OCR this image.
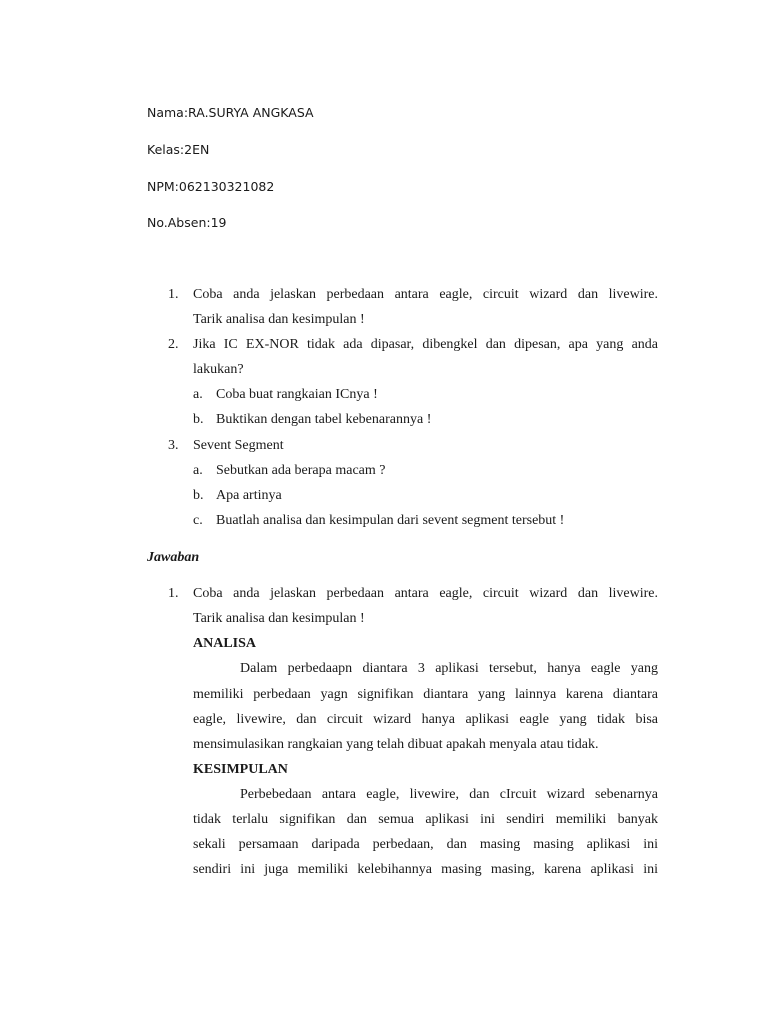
Nama:RA.SURYA ANGKASA
Kelas:2EN
NPM:062130321082
No.Absen:19
1. Coba anda jelaskan perbedaan antara eagle, circuit wizard dan livewire.
Tarik analisa dan kesimpulan !
2. Jika IC EX-NOR tidak ada dipasar, dibengkel dan dipesan, apa yang anda
lakukan?
a. Coba buat rangkaian ICnya !
b. Buktikan dengan tabel kebenarannya !
3. Sevent Segment
a. Sebutkan ada berapa macam ?
b. Apa artinya
c. Buatlah analisa dan kesimpulan dari sevent segment tersebut !
Jawaban
1. Coba anda jelaskan perbedaan antara eagle, circuit wizard dan livewire.
Tarik analisa dan kesimpulan !
ANALISA
Dalam perbedaapn diantara 3 aplikasi tersebut, hanya eagle yang
memiliki perbedaan yagn signifikan diantara yang lainnya karena diantara
eagle, livewire, dan circuit wizard hanya aplikasi eagle yang tidak bisa
mensimulasikan rangkaian yang telah dibuat apakah menyala atau tidak.
KESIMPULAN
Perbebedaan antara eagle, livewire, dan cIrcuit wizard sebenarnya
tidak terlalu signifikan dan semua aplikasi ini sendiri memiliki banyak
sekali persamaan daripada perbedaan, dan masing masing aplikasi ini
sendiri ini juga memiliki kelebihannya masing masing, karena aplikasi ini
